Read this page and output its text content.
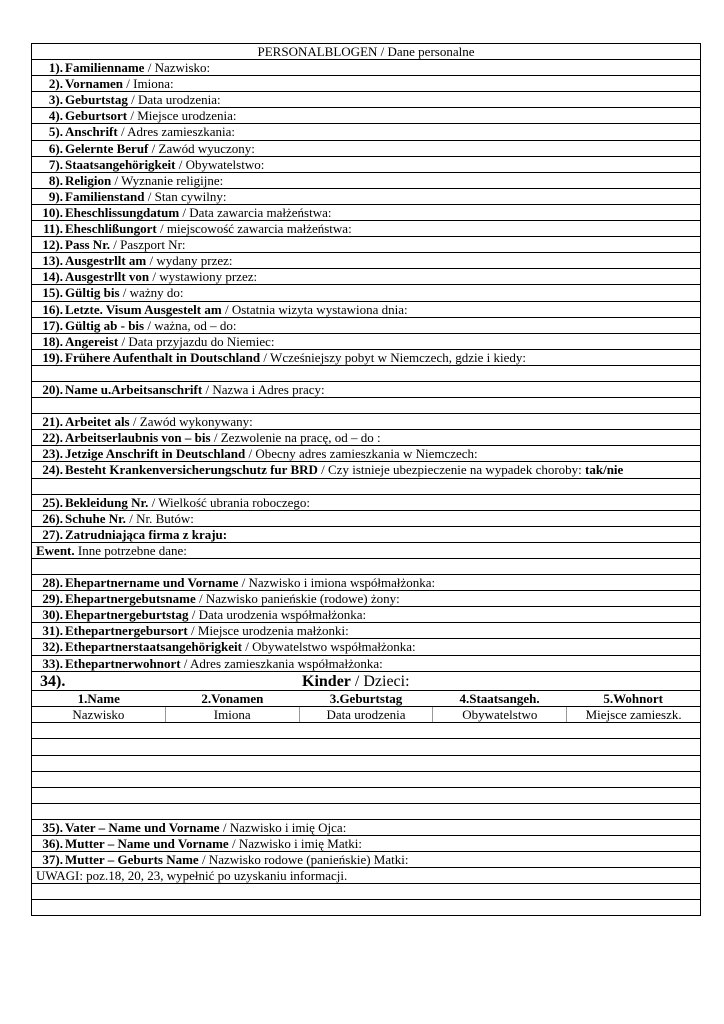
PERSONALBLOGEN / Dane personalne
1). Familienname / Nazwisko:
2). Vornamen / Imiona:
3). Geburtstag / Data urodzenia:
4). Geburtsort / Miejsce urodzenia:
5). Anschrift / Adres zamieszkania:
6). Gelernte Beruf / Zawód wyuczony:
7). Staatsangehörigkeit / Obywatelstwo:
8). Religion / Wyznanie religijne:
9). Familienstand / Stan cywilny:
10). Eheschlissungdatum / Data zawarcia małżeństwa:
11). Eheschlißungort / miejscowość zawarcia małżeństwa:
12). Pass Nr. / Paszport Nr:
13). Ausgestrllt am / wydany przez:
14). Ausgestrllt von / wystawiony przez:
15). Gültig bis / ważny do:
16). Letzte. Visum Ausgestelt am / Ostatnia wizyta wystawiona dnia:
17). Gültig ab - bis / ważna, od – do:
18). Angereist / Data przyjazdu do Niemiec:
19). Frühere Aufenthalt in Doutschland / Wcześniejszy pobyt w Niemczech, gdzie i kiedy:
20). Name u.Arbeitsanschrift / Nazwa i Adres pracy:
21). Arbeitet als / Zawód wykonywany:
22). Arbeitserlaubnis von – bis / Zezwolenie na pracę, od – do :
23). Jetzige Anschrift in Deutschland / Obecny adres zamieszkania w Niemczech:
24). Besteht Krankenversicherungschutz fur BRD / Czy istnieje ubezpieczenie na wypadek choroby: tak/nie
25). Bekleidung Nr. / Wielkość ubrania roboczego:
26). Schuhe Nr. / Nr. Butów:
27). Zatrudniająca firma z kraju:
Ewent. Inne potrzebne dane:
28). Ehepartnername und Vorname / Nazwisko i imiona współmałżonka:
29). Ehepartnergebutsname / Nazwisko panieńskie (rodowe) żony:
30). Ehepartnergeburtstag / Data urodzenia współmałżonka:
31). Ethepartnergebursort / Miejsce urodzenia małżonki:
32). Ethepartnerstaatsangehörigkeit / Obywatelstwo współmałżonka:
33). Ethepartnerwohnort / Adres zamieszkania współmałżonka:
34).	Kinder / Dzieci:
1.Name	2.Vonamen	3.Geburtstag	4.Staatsangeh.	5.Wohnort
Nazwisko	Imiona	Data urodzenia	Obywatelstwo	Miejsce zamieszk.
35). Vater – Name und Vorname / Nazwisko i imię Ojca:
36). Mutter – Name und Vorname / Nazwisko i imię Matki:
37). Mutter – Geburts Name / Nazwisko rodowe (panieńskie) Matki:
UWAGI: poz.18, 20, 23, wypełnić po uzyskaniu informacji.
